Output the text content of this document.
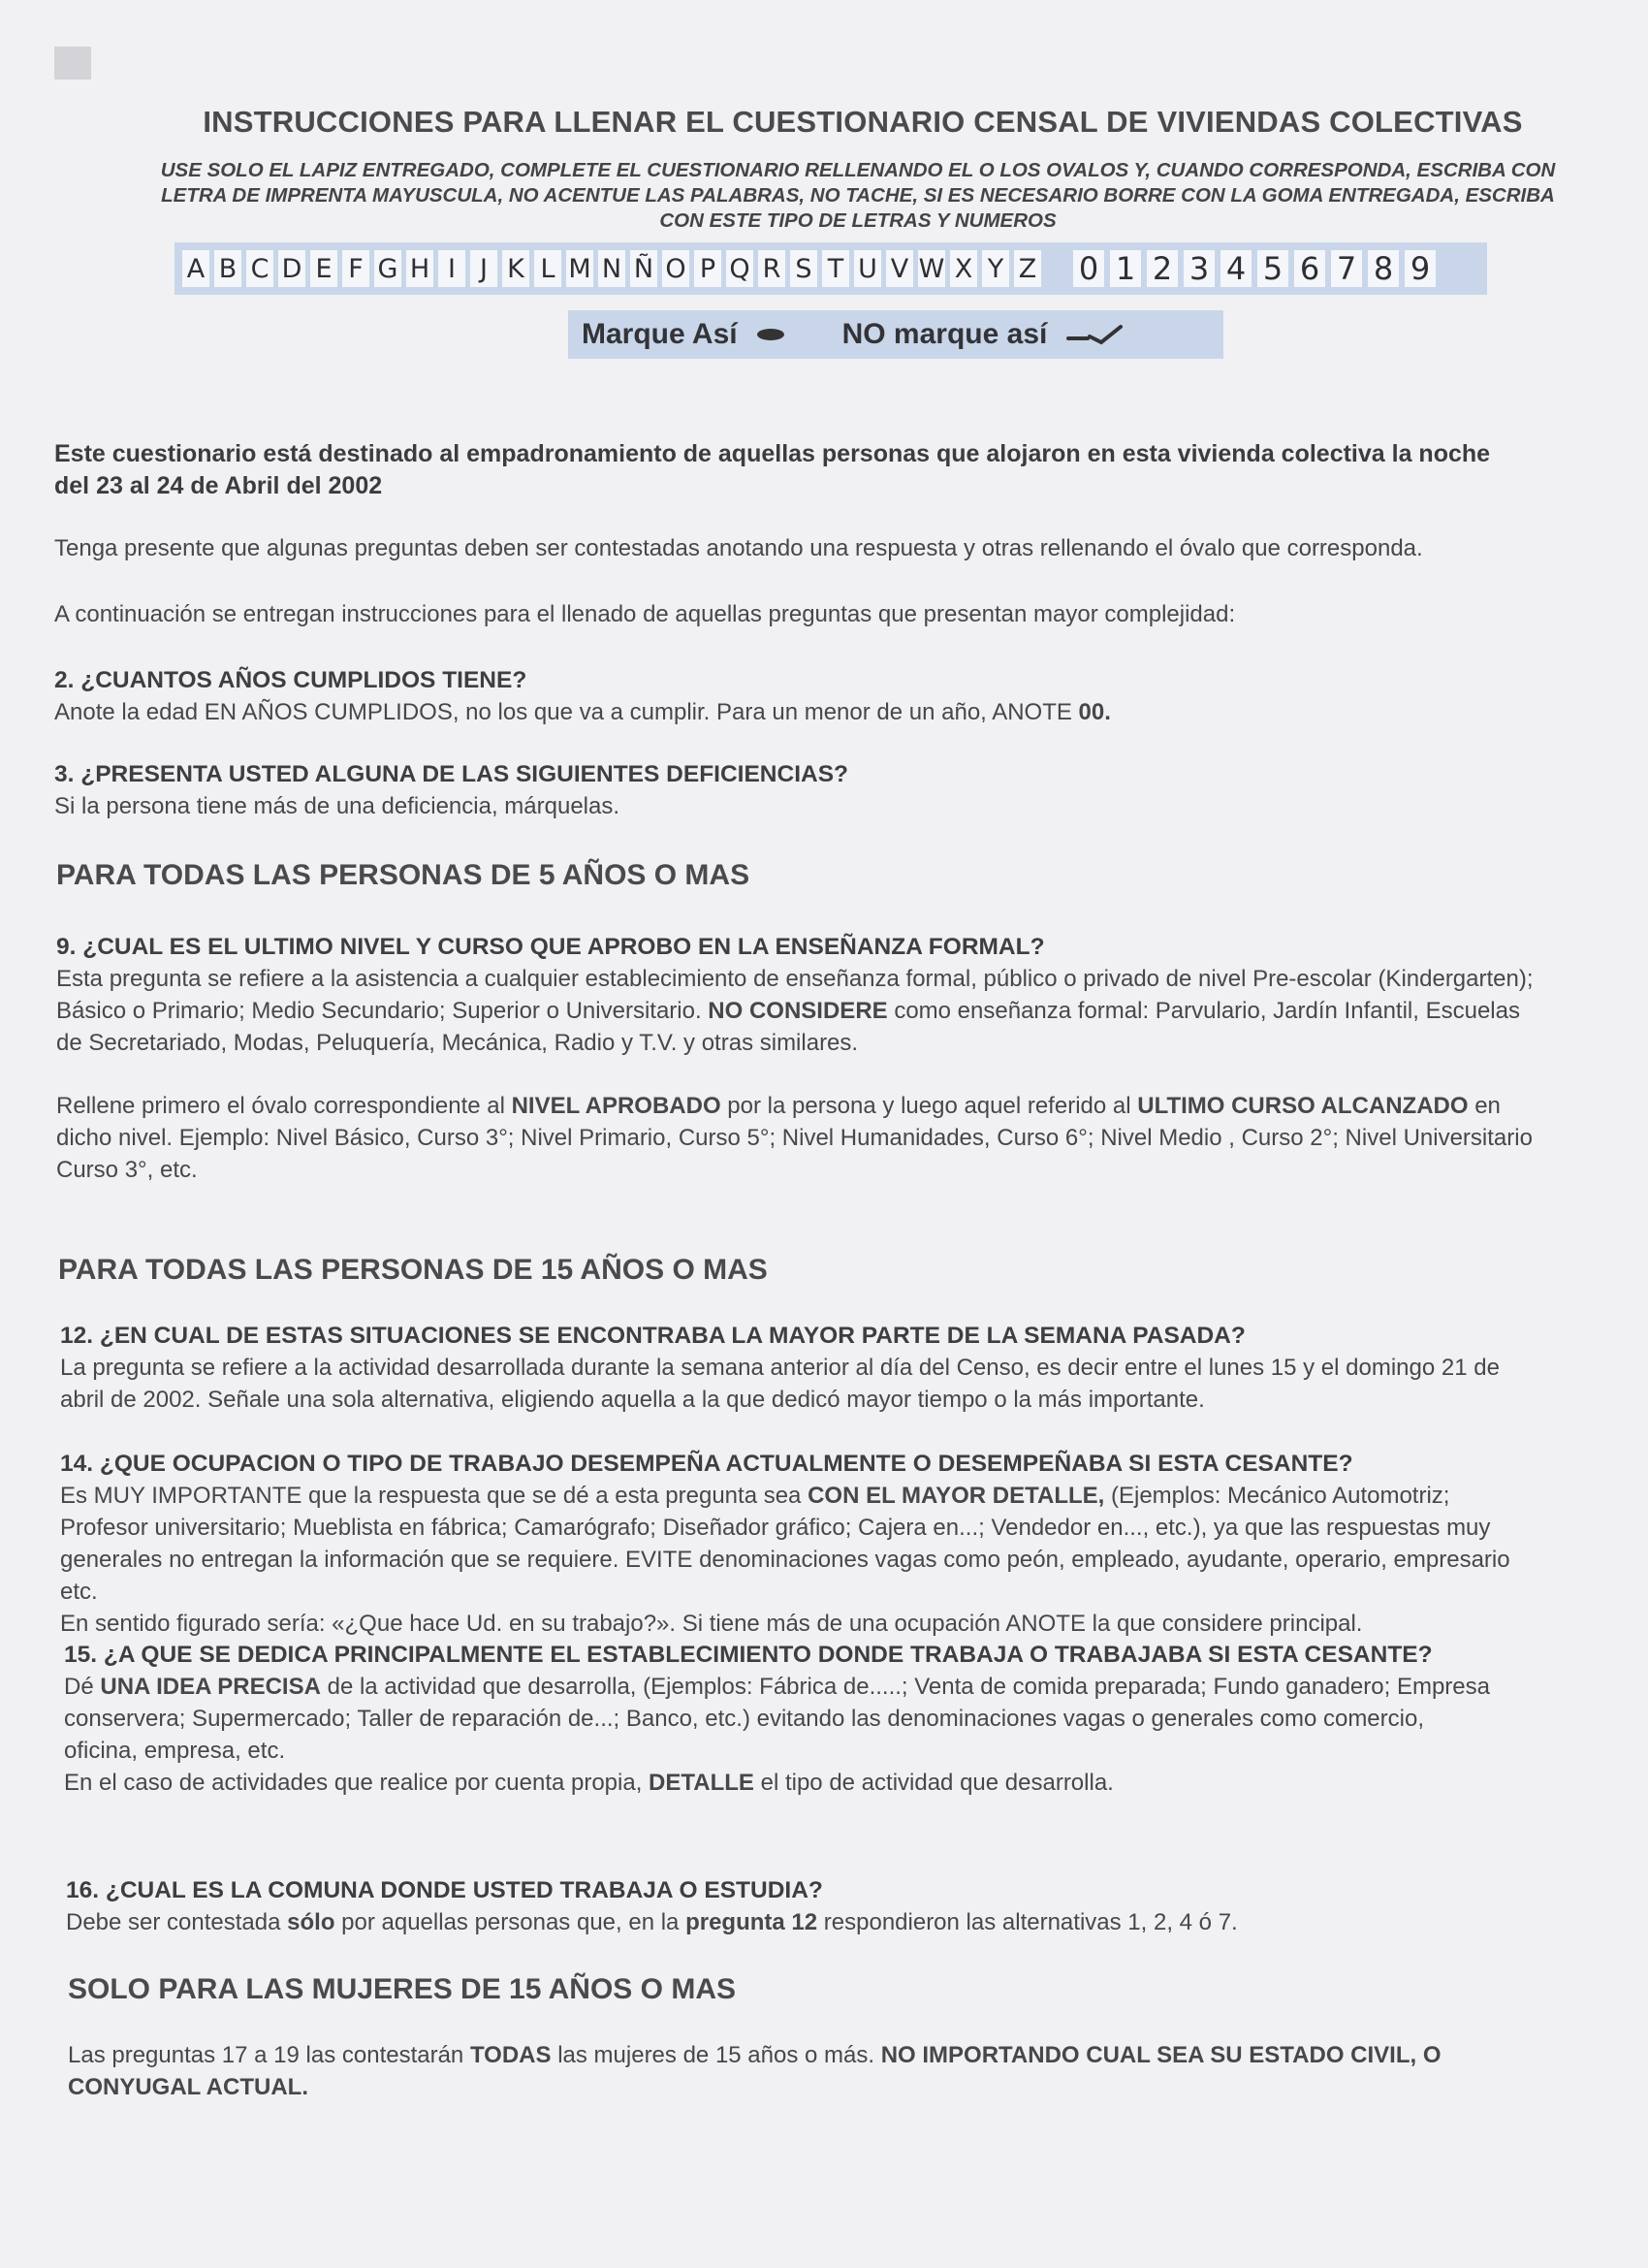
INSTRUCCIONES PARA LLENAR EL CUESTIONARIO CENSAL DE VIVIENDAS COLECTIVAS
USE SOLO EL LAPIZ ENTREGADO, COMPLETE EL CUESTIONARIO RELLENANDO EL O LOS OVALOS Y, CUANDO CORRESPONDA, ESCRIBA CON
LETRA DE IMPRENTA MAYUSCULA, NO ACENTUE LAS PALABRAS, NO TACHE, SI ES NECESARIO BORRE CON LA GOMA ENTREGADA, ESCRIBA
CON ESTE TIPO DE LETRAS Y NUMEROS
A B C D E F G H I J K L M N Ñ O P Q R S T U V W X Y Z 0 1 2 3 4 5 6 7 8 9
Marque Así	NO marque así
Este cuestionario está destinado al empadronamiento de aquellas personas que alojaron en esta vivienda colectiva la noche
del 23 al 24 de Abril del 2002
Tenga presente que algunas preguntas deben ser contestadas anotando una respuesta y otras rellenando el óvalo que corresponda.
A continuación se entregan instrucciones para el llenado de aquellas preguntas que presentan mayor complejidad:
2. ¿CUANTOS AÑOS CUMPLIDOS TIENE?
Anote la edad EN AÑOS CUMPLIDOS, no los que va a cumplir. Para un menor de un año, ANOTE 00.
3. ¿PRESENTA USTED ALGUNA DE LAS SIGUIENTES DEFICIENCIAS?
Si la persona tiene más de una deficiencia, márquelas.
PARA TODAS LAS PERSONAS DE 5 AÑOS O MAS
9. ¿CUAL ES EL ULTIMO NIVEL Y CURSO QUE APROBO EN LA ENSEÑANZA FORMAL?
Esta pregunta se refiere a la asistencia a cualquier establecimiento de enseñanza formal, público o privado de nivel Pre-escolar (Kindergarten);
Básico o Primario; Medio Secundario; Superior o Universitario. NO CONSIDERE como enseñanza formal: Parvulario, Jardín Infantil, Escuelas
de Secretariado, Modas, Peluquería, Mecánica, Radio y T.V. y otras similares.
Rellene primero el óvalo correspondiente al NIVEL APROBADO por la persona y luego aquel referido al ULTIMO CURSO ALCANZADO en
dicho nivel. Ejemplo: Nivel Básico, Curso 3°; Nivel Primario, Curso 5°; Nivel Humanidades, Curso 6°; Nivel Medio , Curso 2°; Nivel Universitario
Curso 3°, etc.
PARA TODAS LAS PERSONAS DE 15 AÑOS O MAS
12. ¿EN CUAL DE ESTAS SITUACIONES SE ENCONTRABA LA MAYOR PARTE DE LA SEMANA PASADA?
La pregunta se refiere a la actividad desarrollada durante la semana anterior al día del Censo, es decir entre el lunes 15 y el domingo 21 de
abril de 2002. Señale una sola alternativa, eligiendo aquella a la que dedicó mayor tiempo o la más importante.
14. ¿QUE OCUPACION O TIPO DE TRABAJO DESEMPEÑA ACTUALMENTE O DESEMPEÑABA SI ESTA CESANTE?
Es MUY IMPORTANTE que la respuesta que se dé a esta pregunta sea CON EL MAYOR DETALLE, (Ejemplos: Mecánico Automotriz;
Profesor universitario; Mueblista en fábrica; Camarógrafo; Diseñador gráfico; Cajera en...; Vendedor en..., etc.), ya que las respuestas muy
generales no entregan la información que se requiere. EVITE denominaciones vagas como peón, empleado, ayudante, operario, empresario
etc.
En sentido figurado sería: «¿Que hace Ud. en su trabajo?». Si tiene más de una ocupación ANOTE la que considere principal.
15. ¿A QUE SE DEDICA PRINCIPALMENTE EL ESTABLECIMIENTO DONDE TRABAJA O TRABAJABA SI ESTA CESANTE?
Dé UNA IDEA PRECISA de la actividad que desarrolla, (Ejemplos: Fábrica de.....; Venta de comida preparada; Fundo ganadero; Empresa
conservera; Supermercado; Taller de reparación de...; Banco, etc.) evitando las denominaciones vagas o generales como comercio,
oficina, empresa, etc.
En el caso de actividades que realice por cuenta propia, DETALLE el tipo de actividad que desarrolla.
16. ¿CUAL ES LA COMUNA DONDE USTED TRABAJA O ESTUDIA?
Debe ser contestada sólo por aquellas personas que, en la pregunta 12 respondieron las alternativas 1, 2, 4 ó 7.
SOLO PARA LAS MUJERES DE 15 AÑOS O MAS
Las preguntas 17 a 19 las contestarán TODAS las mujeres de 15 años o más. NO IMPORTANDO CUAL SEA SU ESTADO CIVIL, O
CONYUGAL ACTUAL.
